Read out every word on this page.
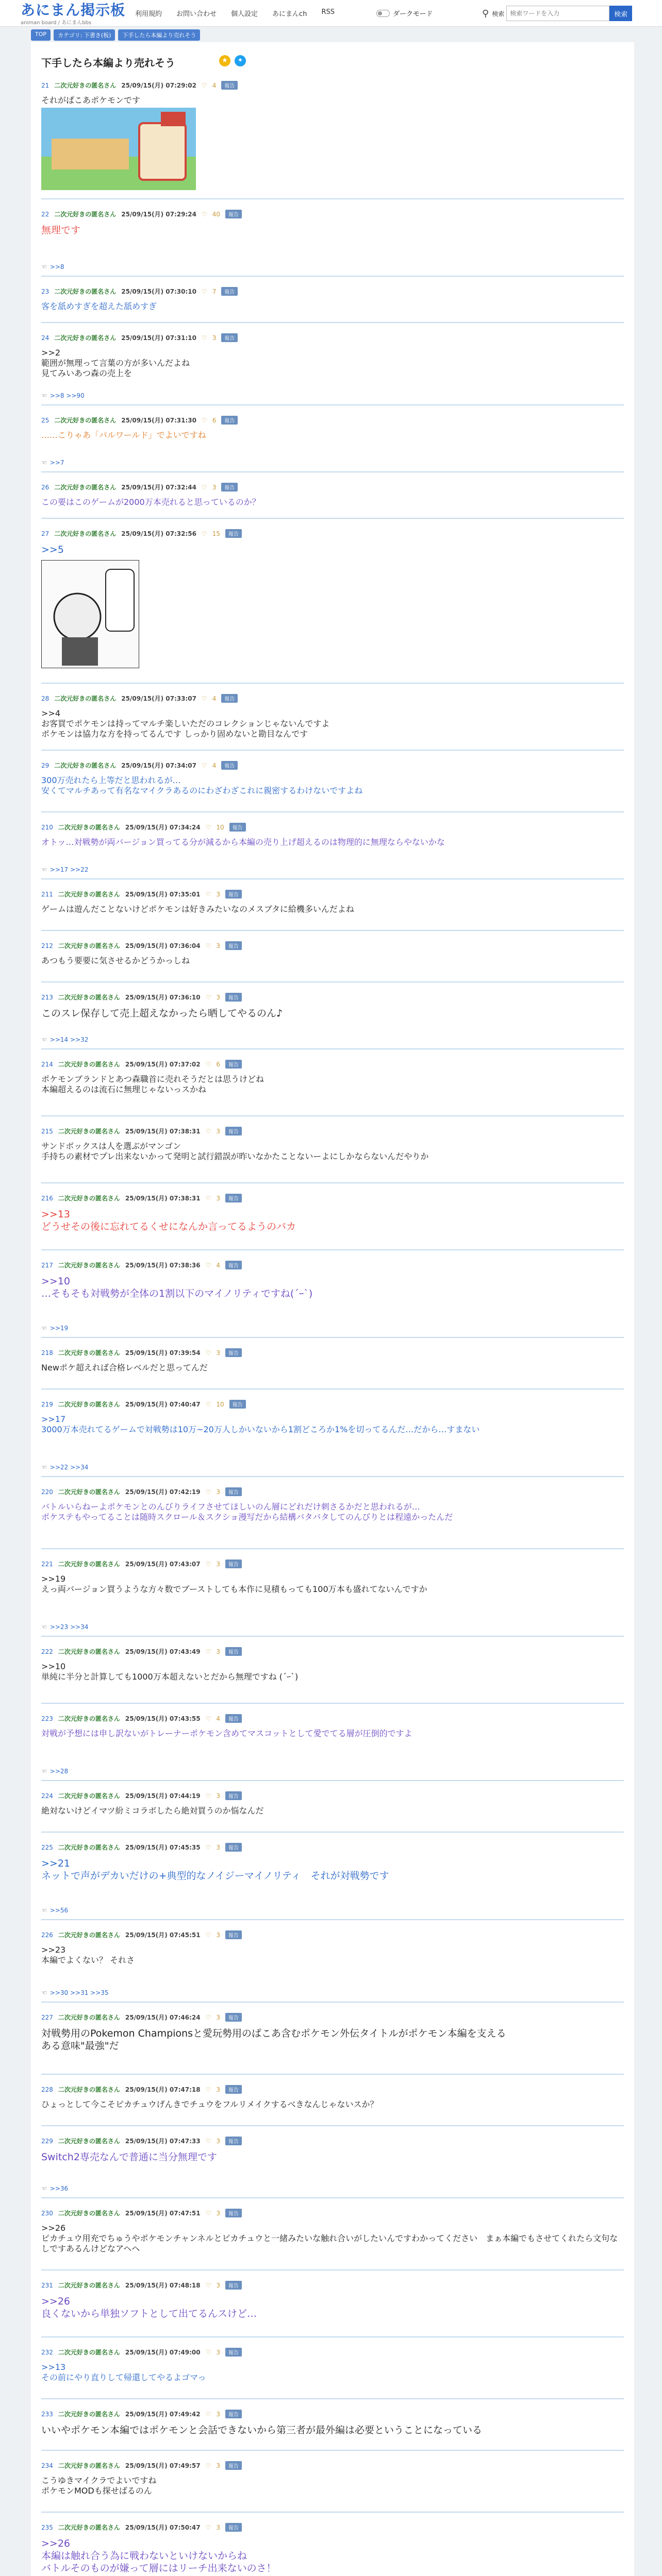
あにまん掲示板
animan board / あにまんbbs
利用規約 お問い合わせ 個人設定 あにまんch RSS	ダークモード	⚲ 検索
検索ワードを入力	検索
TOP	カテゴリ: 下書き(板)	下手したら本編より売れそう
下手したら本編より売れそう	★	✦
21 二次元好きの匿名さん 25/09/15(月) 07:29:02 ♡ 4	報告
それがぱこあポケモンです
22 二次元好きの匿名さん 25/09/15(月) 07:29:24 ♡ 40	報告
無理です
☜ >>8
23 二次元好きの匿名さん 25/09/15(月) 07:30:10 ♡ 7	報告
客を舐めすぎを超えた舐めすぎ
24 二次元好きの匿名さん 25/09/15(月) 07:31:10 ♡ 3	報告
>>2
範囲が無理って言葉の方が多いんだよね
見てみいあつ森の売上を
☜ >>8 >>90
25 二次元好きの匿名さん 25/09/15(月) 07:31:30 ♡ 6	報告
……こりゃあ「パルワールド」でよいですね
☜ >>7
26 二次元好きの匿名さん 25/09/15(月) 07:32:44 ♡ 3	報告
この要はこのゲームが2000万本売れると思っているのか？
27 二次元好きの匿名さん 25/09/15(月) 07:32:56 ♡ 15	報告
>>5
28 二次元好きの匿名さん 25/09/15(月) 07:33:07 ♡ 4	報告
>>4
お客買でポケモンは持ってマルチ楽しいただのコレクションじゃないんですよ
ポケモンは協力な方を持ってるんです しっかり固めないと勘目なんです
29 二次元好きの匿名さん 25/09/15(月) 07:34:07 ♡ 4	報告
300万売れたら上等だと思われるが…
安くてマルチあって有名なマイクラあるのにわざわざこれに親密するわけないですよね
210 二次元好きの匿名さん 25/09/15(月) 07:34:24 ♡ 10	報告
オトッ…対戦勢が両バージョン買ってる分が減るから本編の売り上げ超えるのは物理的に無理ならやないかな
☜ >>17 >>22
211 二次元好きの匿名さん 25/09/15(月) 07:35:01 ♡ 3	報告
ゲームは遊んだことないけどポケモンは好きみたいなのメスブタに給機多いんだよね
212 二次元好きの匿名さん 25/09/15(月) 07:36:04 ♡ 3	報告
あつもう要要に気させるかどうかっしね
213 二次元好きの匿名さん 25/09/15(月) 07:36:10 ♡ 3	報告
このスレ保存して売上超えなかったら晒してやるのん♪
☜ >>14 >>32
214 二次元好きの匿名さん 25/09/15(月) 07:37:02 ♡ 6	報告
ポケモンブランドとあつ森職首に売れそうだとは思うけどね
本編超えるのは流石に無理じゃないっスかね
215 二次元好きの匿名さん 25/09/15(月) 07:38:31 ♡ 3	報告
サンドボックスは人を選ぶがマンゴン
手持ちの素材でプレ出来ないかって発明と試行錯誤が昨いなかたことないーよにしかならないんだやりか
216 二次元好きの匿名さん 25/09/15(月) 07:38:31 ♡ 3	報告
>>13
どうせその後に忘れてるくせになんか言ってるようのバカ
217 二次元好きの匿名さん 25/09/15(月) 07:38:36 ♡ 4	報告
>>10
…そもそも対戦勢が全体の1割以下のマイノリティですね(´ｰ`)
☜ >>19
218 二次元好きの匿名さん 25/09/15(月) 07:39:54 ♡ 3	報告
Newポケ超えれば合格レベルだと思ってんだ
219 二次元好きの匿名さん 25/09/15(月) 07:40:47 ♡ 10	報告
>>17
3000万本売れてるゲームで対戦勢は10万~20万人しかいないから1割どころか1%を切ってるんだ…だから…すまない
☜ >>22 >>34
220 二次元好きの匿名さん 25/09/15(月) 07:42:19 ♡ 3	報告
バトルいらねーよポケモンとのんびりライフさせてほしいのん層にどれだけ刺さるかだと思われるが…
ポケステもやってることは随時スクロール＆スクショ漫写だから結構バタバタしてのんびりとは程遠かったんだ
221 二次元好きの匿名さん 25/09/15(月) 07:43:07 ♡ 3	報告
>>19
えっ両バージョン買うような方々数でブーストしても本作に見積もっても100万本も盛れてないんですか
☜ >>23 >>34
222 二次元好きの匿名さん 25/09/15(月) 07:43:49 ♡ 3	報告
>>10
単純に半分と計算しても1000万本超えないとだから無理ですね (´ｰ`)
223 二次元好きの匿名さん 25/09/15(月) 07:43:55 ♡ 4	報告
対戦が予想には申し訳ないがトレーナーポケモン含めてマスコットとして愛でてる層が圧倒的ですよ
☜ >>28
224 二次元好きの匿名さん 25/09/15(月) 07:44:19 ♡ 3	報告
絶対ないけどイマツ紛ミコラボしたら絶対買うのか悩なんだ
225 二次元好きの匿名さん 25/09/15(月) 07:45:35 ♡ 3	報告
>>21
ネットで声がデカいだけの+典型的なノイジーマイノリティ　それが対戦勢です
☜ >>56
226 二次元好きの匿名さん 25/09/15(月) 07:45:51 ♡ 3	報告
>>23
本編でよくない？ それさ
☜ >>30 >>31 >>35
227 二次元好きの匿名さん 25/09/15(月) 07:46:24 ♡ 3	報告
対戦勢用のPokemon Championsと愛玩勢用のぱこあ含むポケモン外伝タイトルがポケモン本編を支える
ある意味"最強"だ
228 二次元好きの匿名さん 25/09/15(月) 07:47:18 ♡ 3	報告
ひょっとして今こそピカチュウげんきでチュウをフルリメイクするべきなんじゃないスか？
229 二次元好きの匿名さん 25/09/15(月) 07:47:33 ♡ 3	報告
Switch2専売なんで普通に当分無理です
☜ >>36
230 二次元好きの匿名さん 25/09/15(月) 07:47:51 ♡ 3	報告
>>26
ピカチュウ用充でちゅうやポケモンチャンネルとピカチュウと一緒みたいな触れ合いがしたいんですわかってください　まぁ本編でもさせてくれたら文句なしですあるんけどなアヘヘ
231 二次元好きの匿名さん 25/09/15(月) 07:48:18 ♡ 3	報告
>>26
良くないから単独ソフトとして出てるんスけど…
232 二次元好きの匿名さん 25/09/15(月) 07:49:00 ♡ 3	報告
>>13
その前にやり直りして帰還してやるよゴマっ
233 二次元好きの匿名さん 25/09/15(月) 07:49:42 ♡ 3	報告
いいやポケモン本編ではポケモンと会話できないから第三者が最外編は必要ということになっている
234 二次元好きの匿名さん 25/09/15(月) 07:49:57 ♡ 3	報告
こうゆきマイクラでよいですね
ポケモンMODも探せばるのん
235 二次元好きの匿名さん 25/09/15(月) 07:50:47 ♡ 3	報告
>>26
本編は触れ合う為に戦わないといけないからね
バトルそのものが嫌って層にはリーチ出来ないのさ！
